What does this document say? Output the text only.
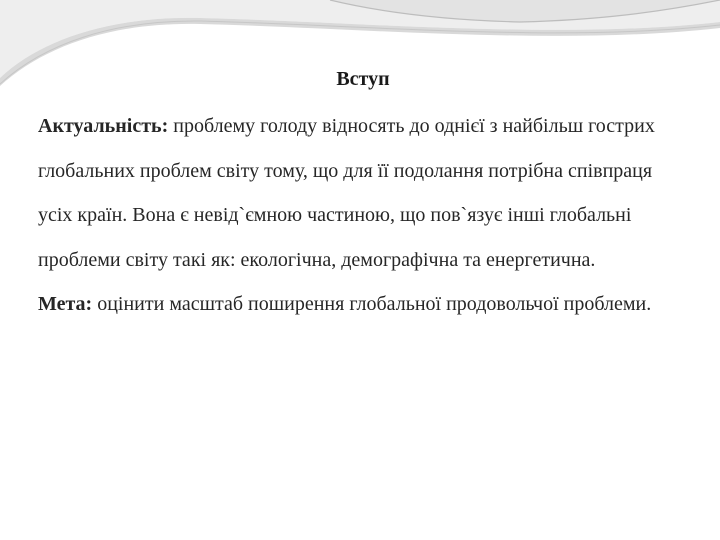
Вступ

Актуальність: проблему голоду відносять до однієї з найбільш гострих глобальних проблем світу тому, що для її подолання потрібна співпраця усіх країн. Вона є невід`ємною частиною, що пов`язує інші глобальні проблеми світу такі як: екологічна, демографічна та енергетична.

Мета: оцінити масштаб поширення глобальної продовольчої проблеми.
